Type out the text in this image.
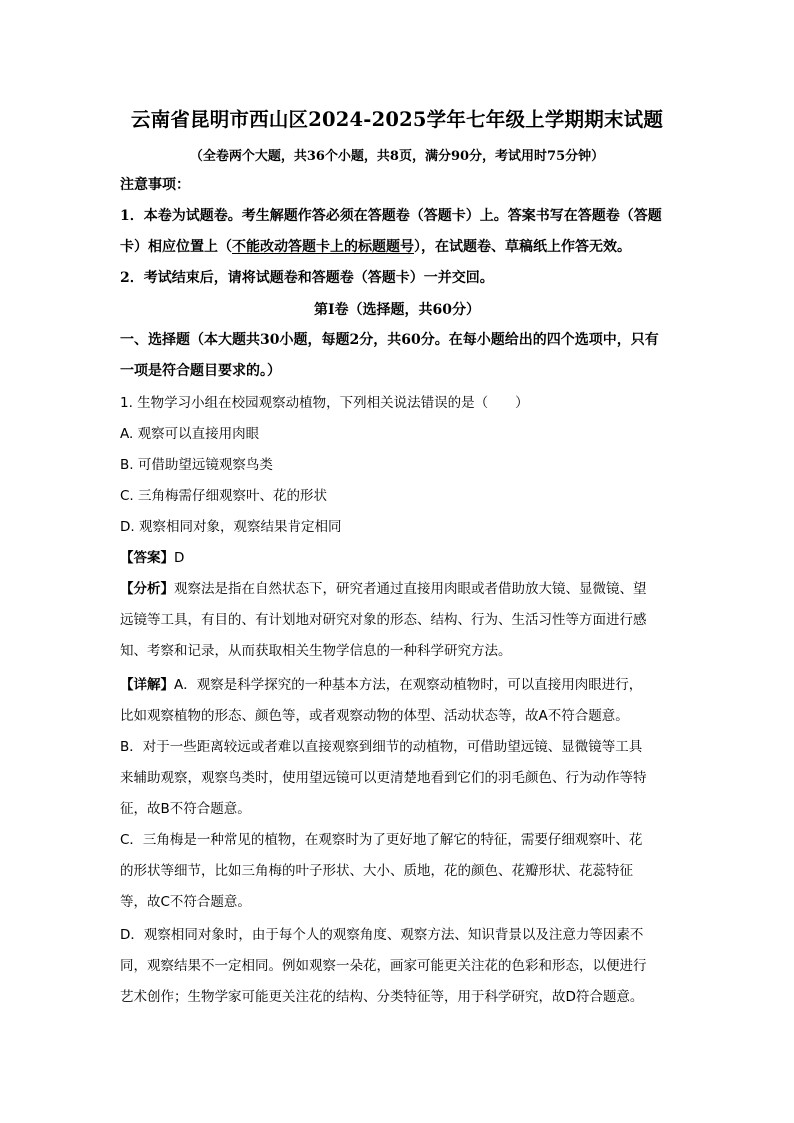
云南省昆明市西山区2024-2025学年七年级上学期期末试题
（全卷两个大题，共36个小题，共8页，满分90分，考试用时75分钟）
注意事项：
1．本卷为试题卷。考生解题作答必须在答题卷（答题卡）上。答案书写在答题卷（答题
卡）相应位置上（不能改动答题卡上的标题题号），在试题卷、草稿纸上作答无效。
2．考试结束后，请将试题卷和答题卷（答题卡）一并交回。
第Ⅰ卷（选择题，共60分）
一、选择题（本大题共30小题，每题2分，共60分。在每小题给出的四个选项中，只有
一项是符合题目要求的。）
1. 生物学习小组在校园观察动植物，下列相关说法错误的是（　　）
A. 观察可以直接用肉眼
B. 可借助望远镜观察鸟类
C. 三角梅需仔细观察叶、花的形状
D. 观察相同对象，观察结果肯定相同
【答案】D
【分析】观察法是指在自然状态下，研究者通过直接用肉眼或者借助放大镜、显微镜、望
远镜等工具，有目的、有计划地对研究对象的形态、结构、行为、生活习性等方面进行感
知、考察和记录，从而获取相关生物学信息的一种科学研究方法。
【详解】A．观察是科学探究的一种基本方法，在观察动植物时，可以直接用肉眼进行，
比如观察植物的形态、颜色等，或者观察动物的体型、活动状态等，故A不符合题意。
B．对于一些距离较远或者难以直接观察到细节的动植物，可借助望远镜、显微镜等工具
来辅助观察，观察鸟类时，使用望远镜可以更清楚地看到它们的羽毛颜色、行为动作等特
征，故B不符合题意。
C．三角梅是一种常见的植物，在观察时为了更好地了解它的特征，需要仔细观察叶、花
的形状等细节，比如三角梅的叶子形状、大小、质地，花的颜色、花瓣形状、花蕊特征
等，故C不符合题意。
D．观察相同对象时，由于每个人的观察角度、观察方法、知识背景以及注意力等因素不
同，观察结果不一定相同。例如观察一朵花，画家可能更关注花的色彩和形态，以便进行
艺术创作；生物学家可能更关注花的结构、分类特征等，用于科学研究，故D符合题意。
